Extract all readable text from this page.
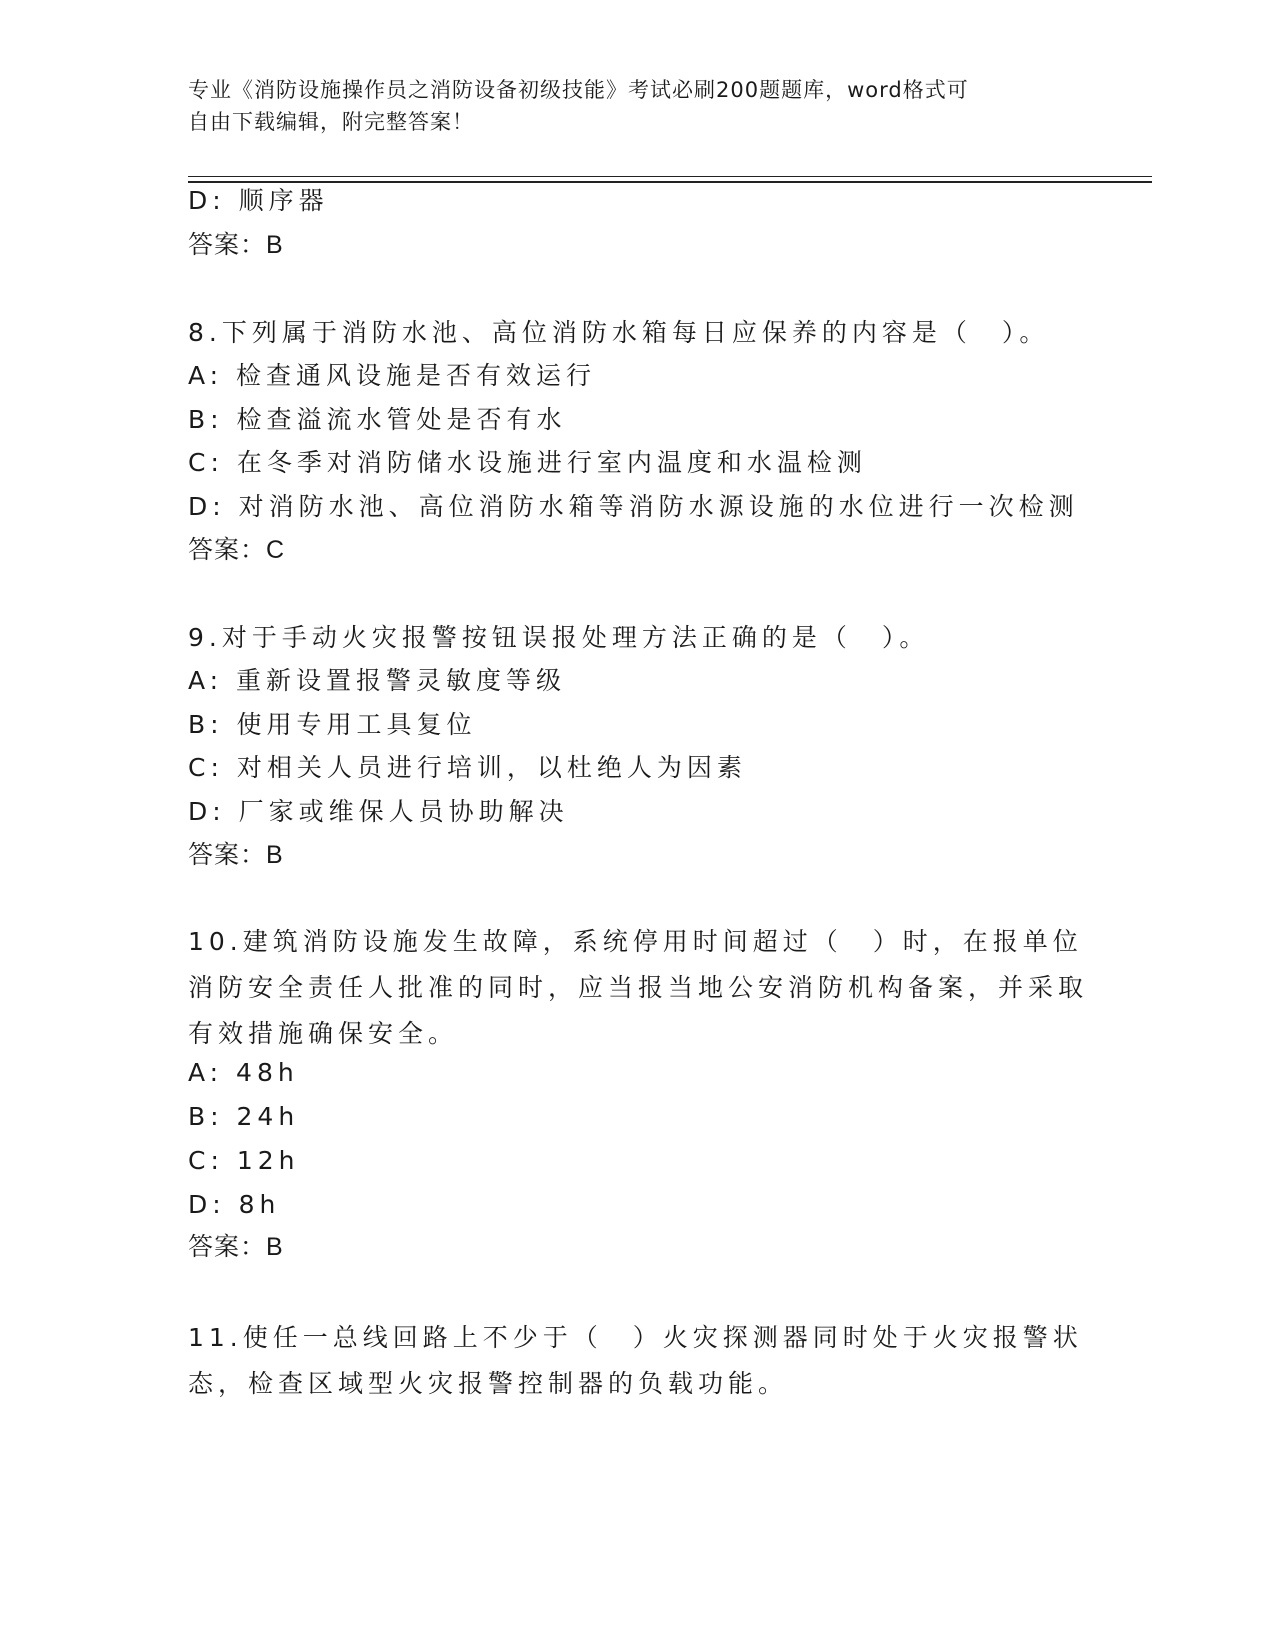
专业《消防设施操作员之消防设备初级技能》考试必刷200题题库，word格式可
自由下载编辑，附完整答案！
D: 顺序器
答案：B
8.下列属于消防水池、高位消防水箱每日应保养的内容是（　）。
A: 检查通风设施是否有效运行
B: 检查溢流水管处是否有水
C: 在冬季对消防储水设施进行室内温度和水温检测
D: 对消防水池、高位消防水箱等消防水源设施的水位进行一次检测
答案：C
9.对于手动火灾报警按钮误报处理方法正确的是（　）。
A: 重新设置报警灵敏度等级
B: 使用专用工具复位
C: 对相关人员进行培训，以杜绝人为因素
D: 厂家或维保人员协助解决
答案：B
10.建筑消防设施发生故障，系统停用时间超过（　）时，在报单位消防安全责任人批准的同时，应当报当地公安消防机构备案，并采取有效措施确保安全。
A: 48h
B: 24h
C: 12h
D: 8h
答案：B
11.使任一总线回路上不少于（　）火灾探测器同时处于火灾报警状态，检查区域型火灾报警控制器的负载功能。
